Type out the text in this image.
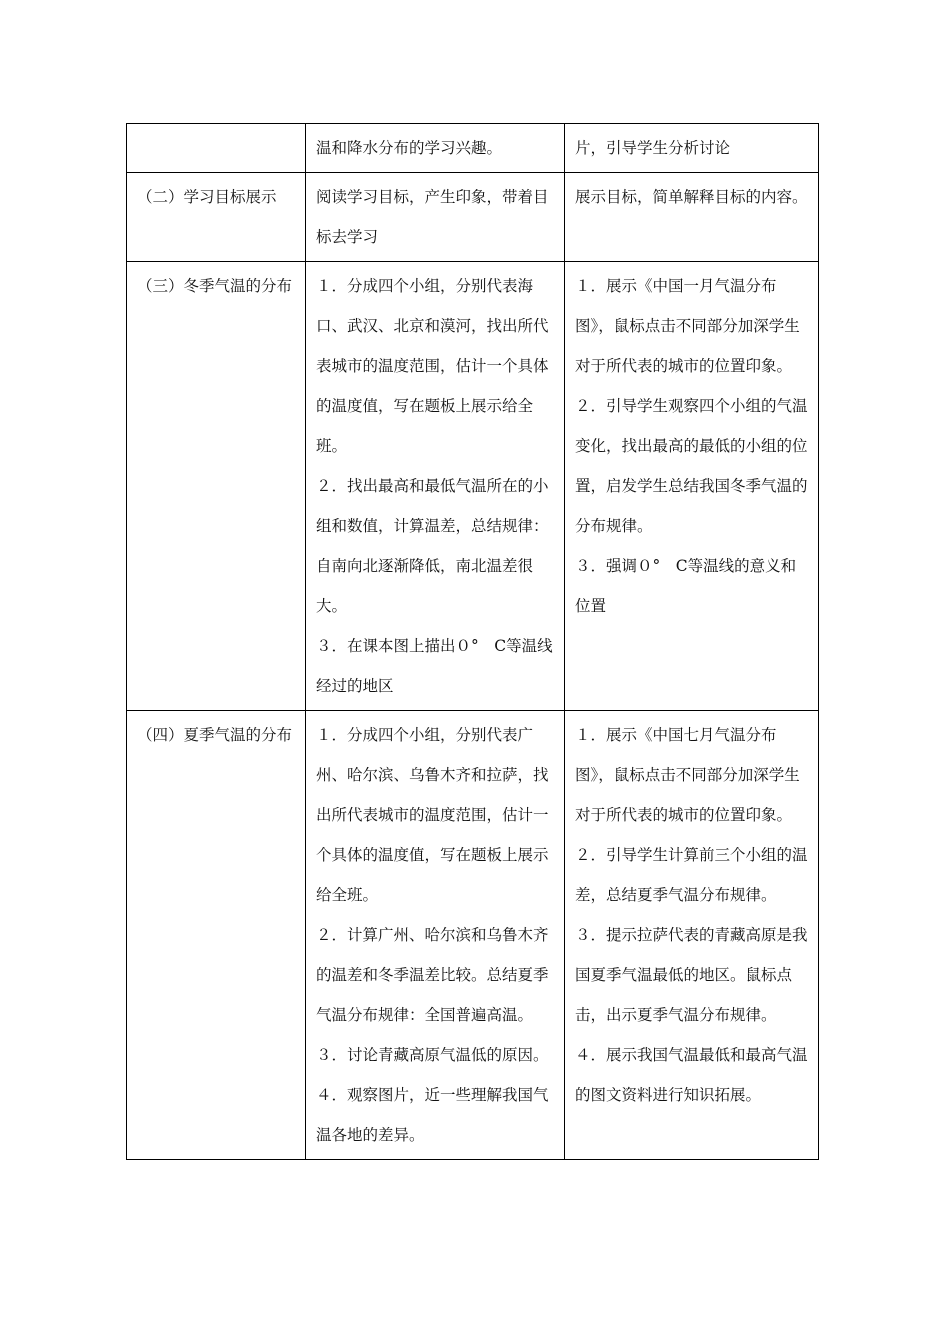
	温和降水分布的学习兴趣。	片，引导学生分析讨论

（二）学习目标展示	阅读学习目标，产生印象，带着目标去学习	展示目标，简单解释目标的内容。

（三）冬季气温的分布	１．分成四个小组，分别代表海口、武汉、北京和漠河，找出所代表城市的温度范围，估计一个具体的温度值，写在题板上展示给全班。
２．找出最高和最低气温所在的小组和数值，计算温差，总结规律：自南向北逐渐降低，南北温差很大。
３．在课本图上描出０°　C等温线经过的地区	１．展示《中国一月气温分布图》，鼠标点击不同部分加深学生对于所代表的城市的位置印象。
２．引导学生观察四个小组的气温变化，找出最高的最低的小组的位置，启发学生总结我国冬季气温的分布规律。
３．强调０°　C等温线的意义和位置

（四）夏季气温的分布	１．分成四个小组，分别代表广州、哈尔滨、乌鲁木齐和拉萨，找出所代表城市的温度范围，估计一个具体的温度值，写在题板上展示给全班。
２．计算广州、哈尔滨和乌鲁木齐的温差和冬季温差比较。总结夏季气温分布规律：全国普遍高温。
３．讨论青藏高原气温低的原因。
４．观察图片，近一些理解我国气温各地的差异。	１．展示《中国七月气温分布图》，鼠标点击不同部分加深学生对于所代表的城市的位置印象。
２．引导学生计算前三个小组的温差，总结夏季气温分布规律。
３．提示拉萨代表的青藏高原是我国夏季气温最低的地区。鼠标点击，出示夏季气温分布规律。
４．展示我国气温最低和最高气温的图文资料进行知识拓展。
